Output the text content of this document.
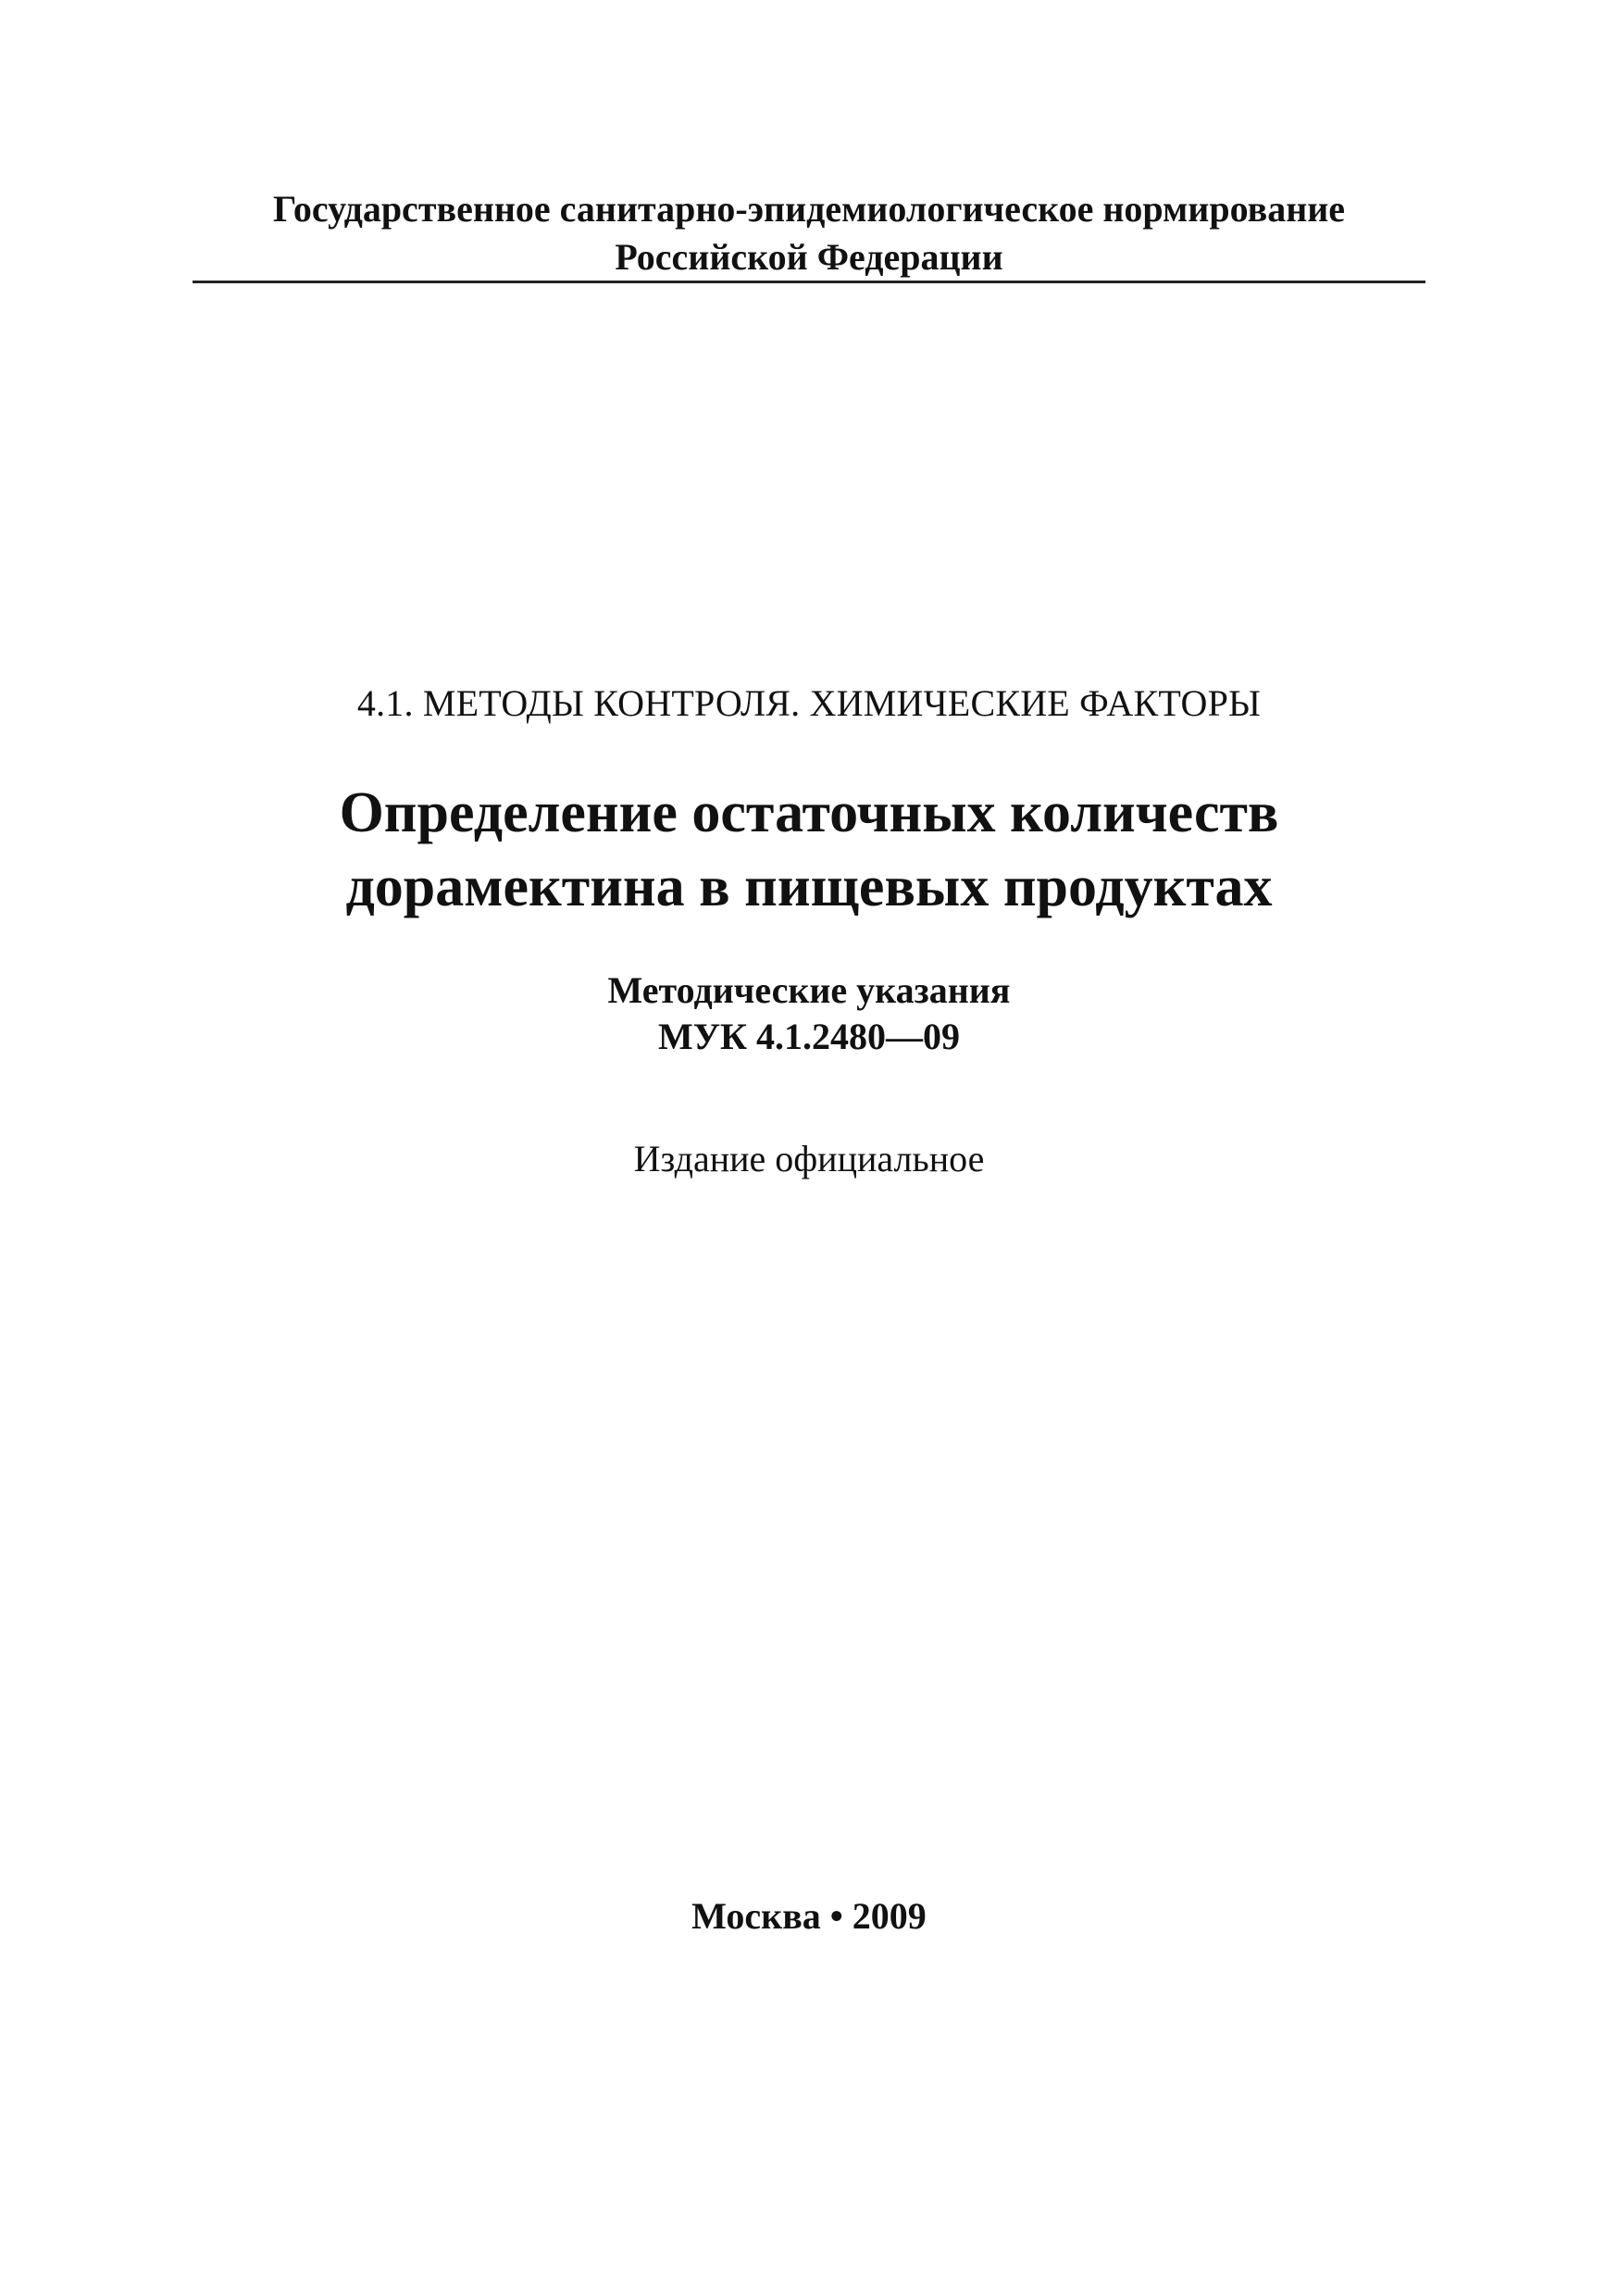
Государственное санитарно-эпидемиологическое нормирование
Российской Федерации
4.1. МЕТОДЫ КОНТРОЛЯ. ХИМИЧЕСКИЕ ФАКТОРЫ
Определение остаточных количеств
дорамектина в пищевых продуктах
Методические указания
МУК 4.1.2480—09
Издание официальное
Москва • 2009
